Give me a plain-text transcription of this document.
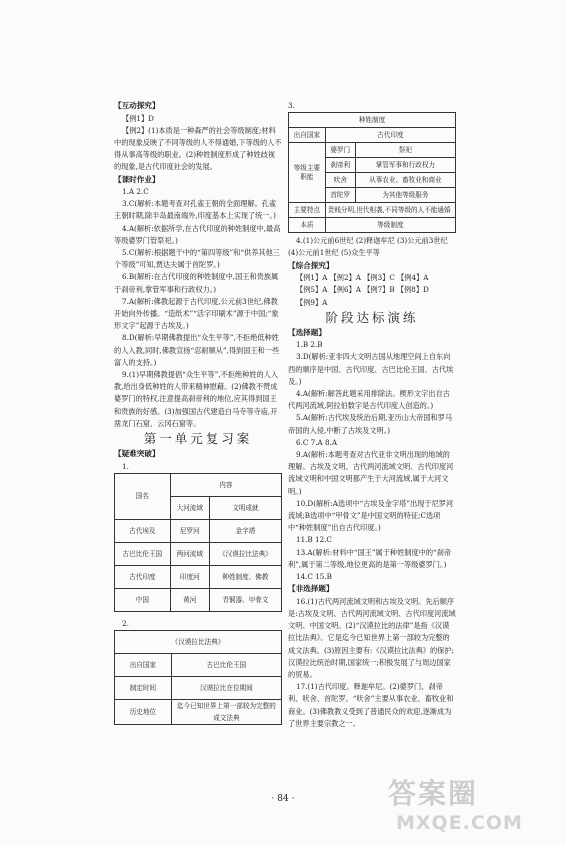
【互动探究】

【例1】D

【例2】(1)本质是一种森严的社会等级制度;材料中的现象反映了不同等级的人不得通婚,下等级的人不得从事高等级的职业。(2)种姓制度形成了种姓歧视的现象,是古代印度社会的发展。

【课时作业】

1.A 2.C

3.C(解析:本题考查对孔雀王朝的全面理解。孔雀王朝时期,除半岛最南端外,印度基本上实现了统一。)

4.A(解析:依据所学,在古代印度的种姓制度中,最高等级婆罗门管祭祀。)

5.C(解析:根据题干中的“第四等级”和“供养其他三个等级”可知,贾达夫属于首陀罗。)

6.B(解析:在古代印度的种姓制度中,国王和贵族属于刹帝利,掌管军事和行政权力。)

7.A(解析:佛教起源于古代印度,公元前3世纪,佛教开始向外传播。“造纸术”“活字印刷术”源于中国;“象形文字”起源于古埃及。)

8.D(解析:早期佛教提出“众生平等”,不拒绝低种姓的人入教,同时,佛教宣扬“忍耐顺从”,得到国王和一些富人的支持。)

9.(1)早期佛教提倡“众生平等”,不拒绝种姓的人入教,给出身低种姓的人带来精神慰藉。(2)佛教不赞成婆罗门的特权,注意提高刹帝利的地位,应其得到国王和贵族的好感。(3)加强国古代建造白马寺等寺庙,开凿龙门石窟、云冈石窟等。

第一单元复习案

【疑难突破】

1.

国名	内容	
	大河流域	文明成就
古代埃及	尼罗河	金字塔
古巴比伦王国	两河流域	《汉谟拉比法典》
古代印度	印度河	种姓制度、佛教
中国	黄河	青铜器、甲骨文

2.

《汉谟拉比法典》	
出自国家	古巴比伦王国
制定时间	汉谟拉比在位期间
历史地位	迄今已知世界上第一部较为完整的成文法典

3.

种姓制度		
出自国家	古代印度	
等级主要职能	婆罗门	祭祀
	刹帝利	掌管军事和行政权力
	吠舍	从事农业、畜牧业和商业
	首陀罗	为其他等级服务
主要特点	贵贱分明,世代相袭,不同等级的人不能通婚	
本质	等级制度	

4.(1)公元前6世纪 (2)释迦牟尼 (3)公元前3世纪 (4)公元前1世纪 (5)众生平等

【综合探究】

【例1】A 【例2】A 【例3】C 【例4】A

【例5】A 【例6】A 【例7】B 【例8】D

【例9】A

阶段达标演练

【选择题】

1.B 2.B

3.D(解析:亚非四大文明古国从地理空间上自东向西的顺序是中国、古代印度、古巴比伦王国、古代埃及。)

4.A(解析:解答此题采用排除法。楔形文字出自古代两河流域,阿拉伯数字是古代印度人创造的。)

5.A(解析:古代埃及统治后期,亚历山大帝国和罗马帝国的入侵,中断了古埃及文明。)

6.C 7.A 8.A

9.A(解析:本题考查对古代亚非文明出现的地域的理解。古埃及文明、古代两河流域文明、古代印度河流域文明和中国文明都产生于大河流域,属于大河文明。)

10.D(解析:A选项中“古埃及金字塔”出现于尼罗河流域;B选项中“甲骨文”是中国文明的特征;C选项中“种姓制度”出自古代印度。)

11.B 12.C

13.A(解析:材料中“国王”属于种姓制度中的“刹帝利”,属于第二等级,地位更高的是第一等级婆罗门。)

14.C 15.B

【非选择题】

16.(1)古代两河流域文明和古埃及文明。先后顺序是:古埃及文明、古代两河流域文明、古代印度河流域文明、中国文明。(2)“汉谟拉比的法律”是指《汉谟拉比法典》。它是迄今已知世界上第一部较为完整的成文法典。(3)原因主要有:《汉谟拉比法典》的保护;汉谟拉比统治时期,国家统一;积极发展了与周边国家的贸易。

17.(1)古代印度。释迦牟尼。(2)婆罗门、刹帝利、吠舍、首陀罗。“吠舍”主要从事农业、畜牧业和商业。(3)佛教教义受到了普通民众的欢迎,逐渐成为了世界主要宗教之一。

· 84 ·	答案圈
MXQE.COM
